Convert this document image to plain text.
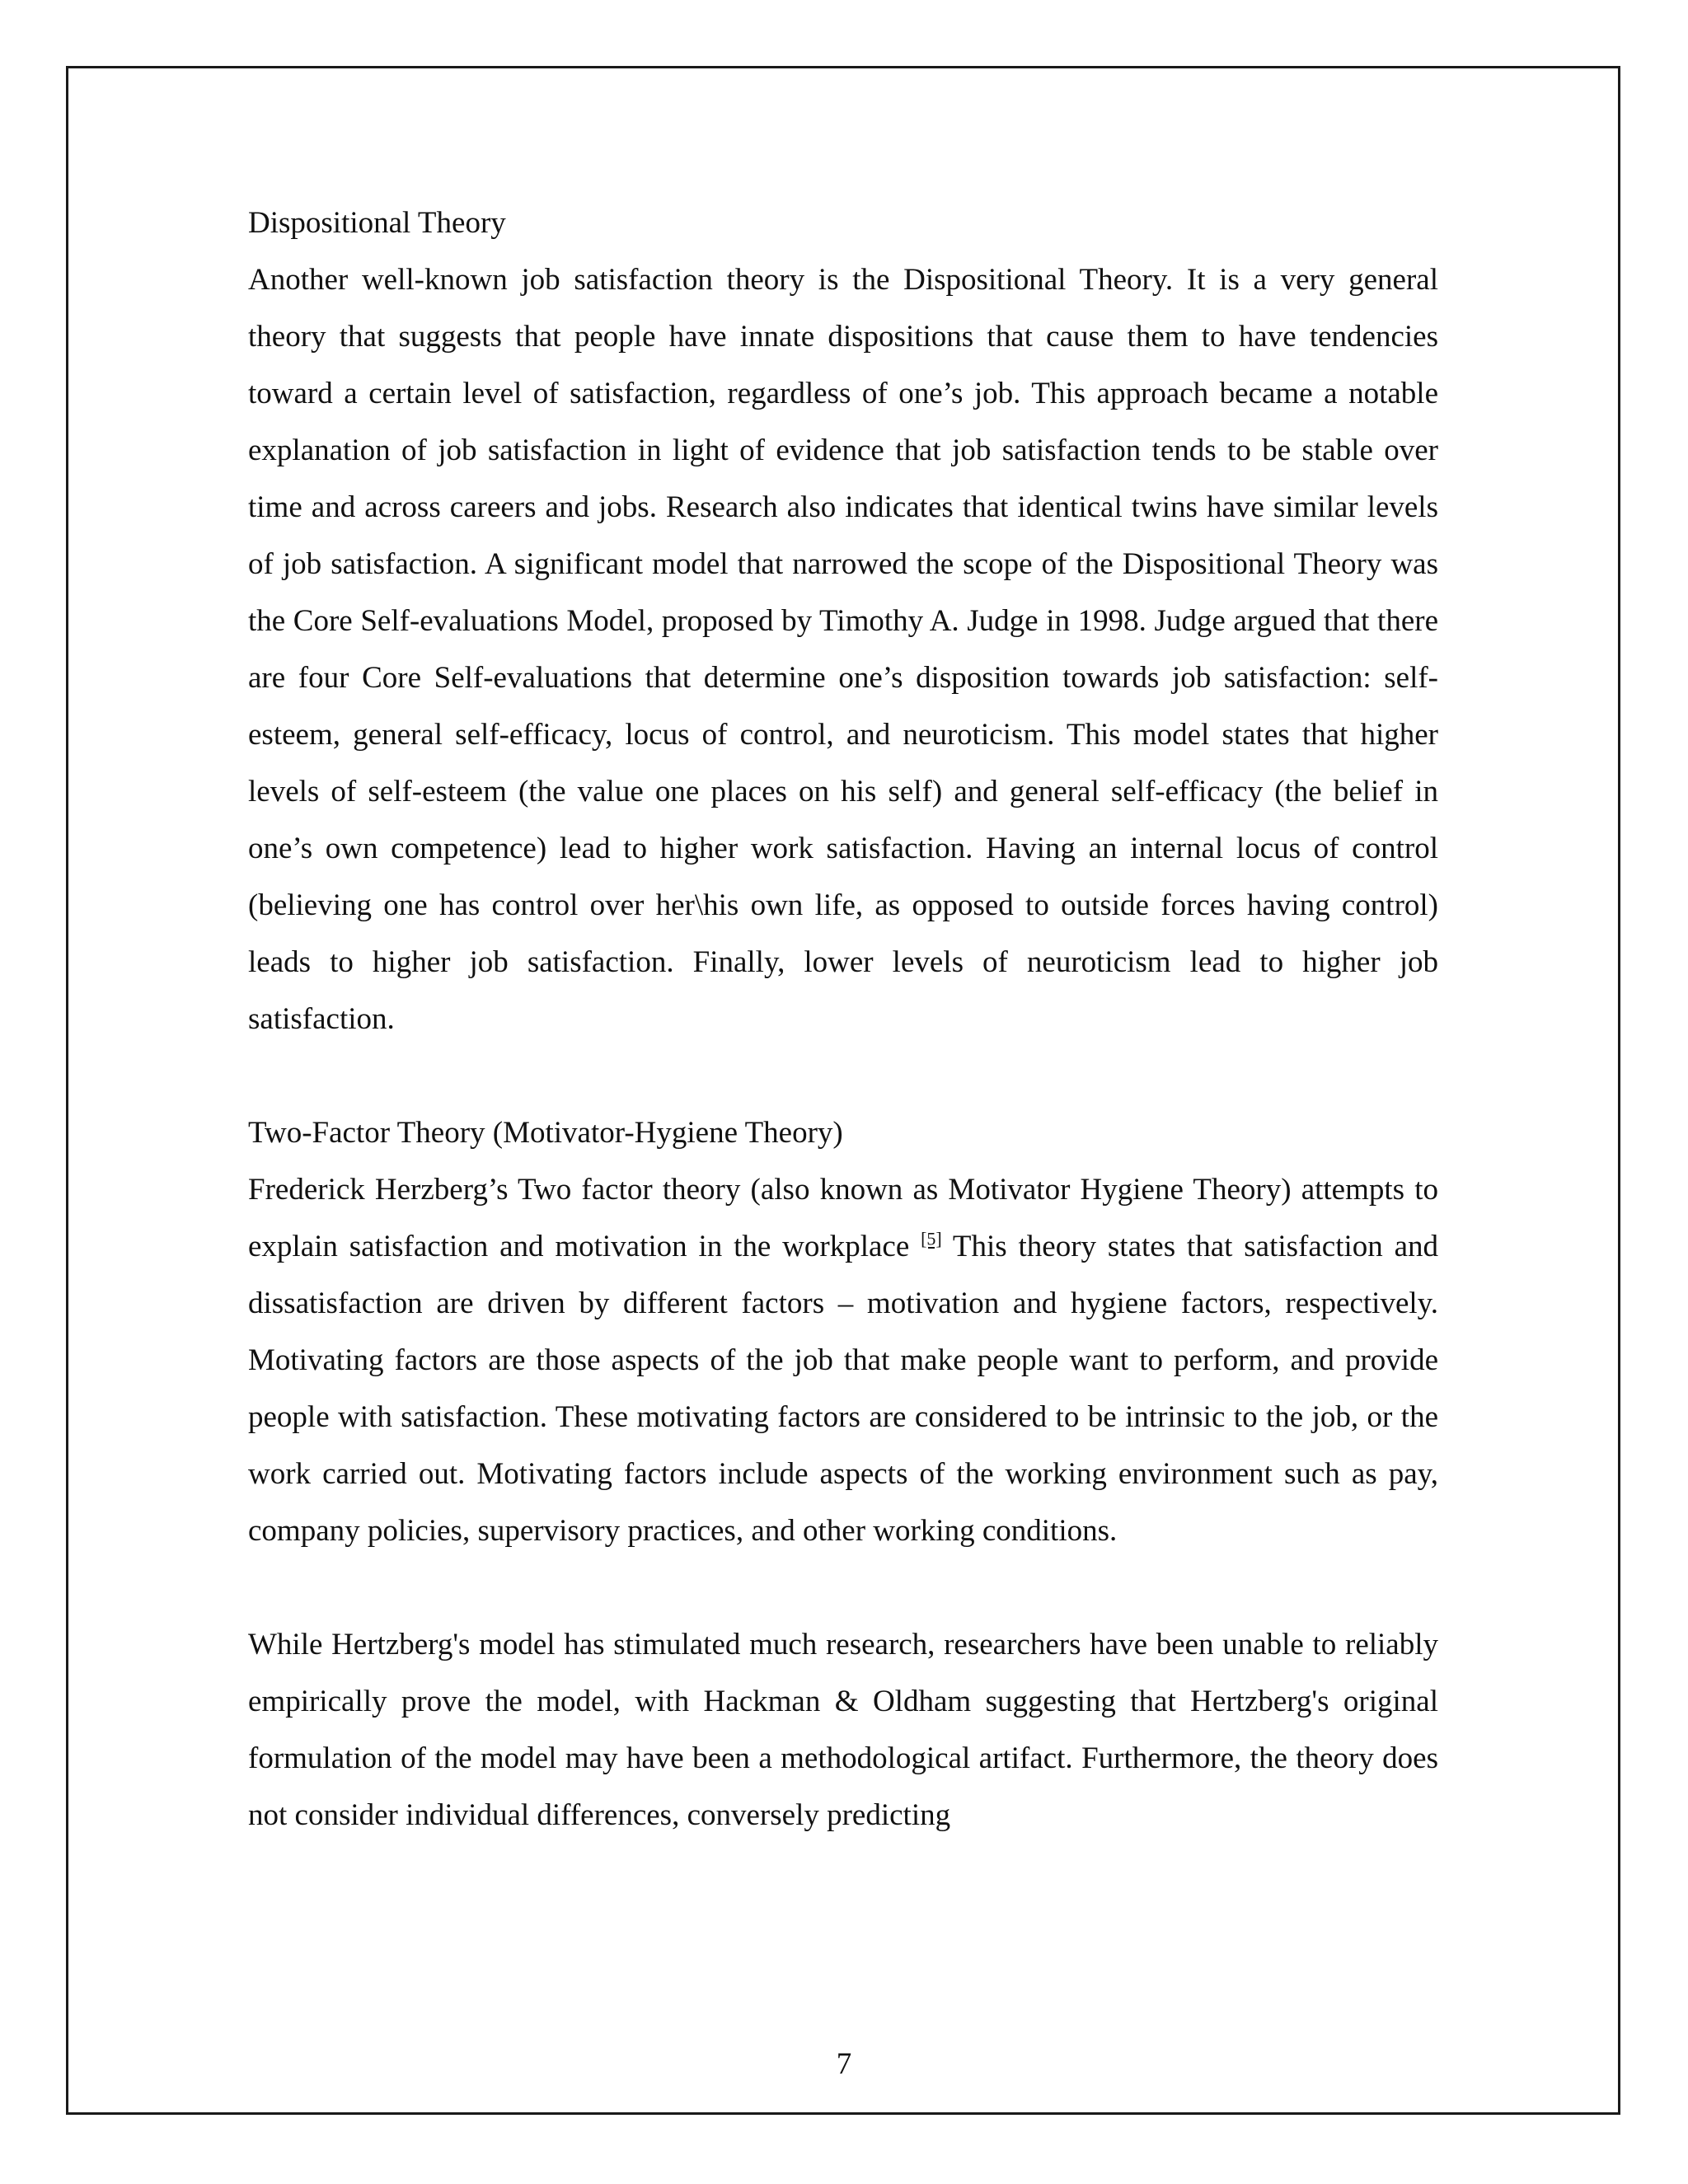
Dispositional Theory

Another well-known job satisfaction theory is the Dispositional Theory. It is a very general theory that suggests that people have innate dispositions that cause them to have tendencies toward a certain level of satisfaction, regardless of one’s job. This approach became a notable explanation of job satisfaction in light of evidence that job satisfaction tends to be stable over time and across careers and jobs. Research also indicates that identical twins have similar levels of job satisfaction. A significant model that narrowed the scope of the Dispositional Theory was the Core Self-evaluations Model, proposed by Timothy A. Judge in 1998. Judge argued that there are four Core Self-evaluations that determine one’s disposition towards job satisfaction: self-esteem, general self-efficacy, locus of control, and neuroticism. This model states that higher levels of self-esteem (the value one places on his self) and general self-efficacy (the belief in one’s own competence) lead to higher work satisfaction. Having an internal locus of control (believing one has control over her\his own life, as opposed to outside forces having control) leads to higher job satisfaction. Finally, lower levels of neuroticism lead to higher job satisfaction.

Two-Factor Theory (Motivator-Hygiene Theory)

Frederick Herzberg’s Two factor theory (also known as Motivator Hygiene Theory) attempts to explain satisfaction and motivation in the workplace [5] This theory states that satisfaction and dissatisfaction are driven by different factors – motivation and hygiene factors, respectively. Motivating factors are those aspects of the job that make people want to perform, and provide people with satisfaction. These motivating factors are considered to be intrinsic to the job, or the work carried out. Motivating factors include aspects of the working environment such as pay, company policies, supervisory practices, and other working conditions.

While Hertzberg's model has stimulated much research, researchers have been unable to reliably empirically prove the model, with Hackman & Oldham suggesting that Hertzberg's original formulation of the model may have been a methodological artifact. Furthermore, the theory does not consider individual differences, conversely predicting

7
